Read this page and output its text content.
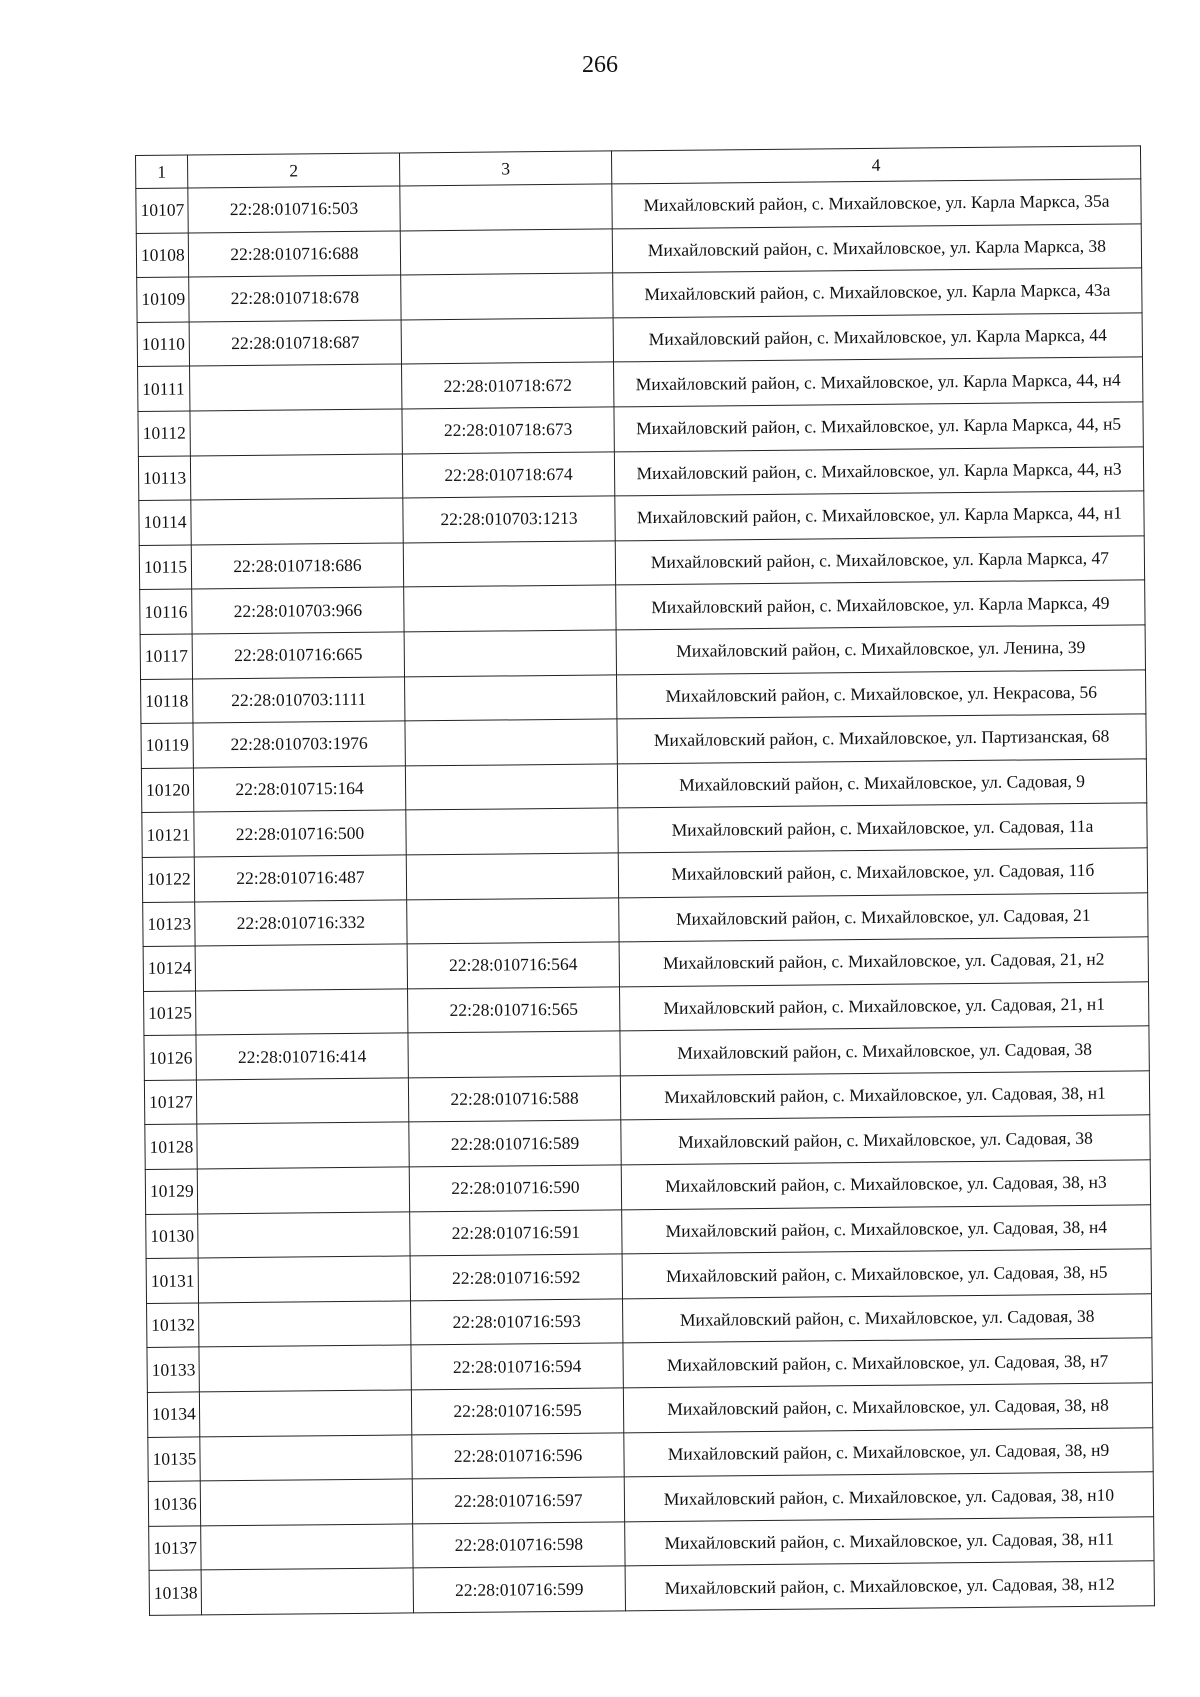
266
1	2	3	4
10107	22:28:010716:503		Михайловский район, с. Михайловское, ул. Карла Маркса, 35а
10108	22:28:010716:688		Михайловский район, с. Михайловское, ул. Карла Маркса, 38
10109	22:28:010718:678		Михайловский район, с. Михайловское, ул. Карла Маркса, 43а
10110	22:28:010718:687		Михайловский район, с. Михайловское, ул. Карла Маркса, 44
10111		22:28:010718:672	Михайловский район, с. Михайловское, ул. Карла Маркса, 44, н4
10112		22:28:010718:673	Михайловский район, с. Михайловское, ул. Карла Маркса, 44, н5
10113		22:28:010718:674	Михайловский район, с. Михайловское, ул. Карла Маркса, 44, н3
10114		22:28:010703:1213	Михайловский район, с. Михайловское, ул. Карла Маркса, 44, н1
10115	22:28:010718:686		Михайловский район, с. Михайловское, ул. Карла Маркса, 47
10116	22:28:010703:966		Михайловский район, с. Михайловское, ул. Карла Маркса, 49
10117	22:28:010716:665		Михайловский район, с. Михайловское, ул. Ленина, 39
10118	22:28:010703:1111		Михайловский район, с. Михайловское, ул. Некрасова, 56
10119	22:28:010703:1976		Михайловский район, с. Михайловское, ул. Партизанская, 68
10120	22:28:010715:164		Михайловский район, с. Михайловское, ул. Садовая, 9
10121	22:28:010716:500		Михайловский район, с. Михайловское, ул. Садовая, 11а
10122	22:28:010716:487		Михайловский район, с. Михайловское, ул. Садовая, 11б
10123	22:28:010716:332		Михайловский район, с. Михайловское, ул. Садовая, 21
10124		22:28:010716:564	Михайловский район, с. Михайловское, ул. Садовая, 21, н2
10125		22:28:010716:565	Михайловский район, с. Михайловское, ул. Садовая, 21, н1
10126	22:28:010716:414		Михайловский район, с. Михайловское, ул. Садовая, 38
10127		22:28:010716:588	Михайловский район, с. Михайловское, ул. Садовая, 38, н1
10128		22:28:010716:589	Михайловский район, с. Михайловское, ул. Садовая, 38
10129		22:28:010716:590	Михайловский район, с. Михайловское, ул. Садовая, 38, н3
10130		22:28:010716:591	Михайловский район, с. Михайловское, ул. Садовая, 38, н4
10131		22:28:010716:592	Михайловский район, с. Михайловское, ул. Садовая, 38, н5
10132		22:28:010716:593	Михайловский район, с. Михайловское, ул. Садовая, 38
10133		22:28:010716:594	Михайловский район, с. Михайловское, ул. Садовая, 38, н7
10134		22:28:010716:595	Михайловский район, с. Михайловское, ул. Садовая, 38, н8
10135		22:28:010716:596	Михайловский район, с. Михайловское, ул. Садовая, 38, н9
10136		22:28:010716:597	Михайловский район, с. Михайловское, ул. Садовая, 38, н10
10137		22:28:010716:598	Михайловский район, с. Михайловское, ул. Садовая, 38, н11
10138		22:28:010716:599	Михайловский район, с. Михайловское, ул. Садовая, 38, н12
